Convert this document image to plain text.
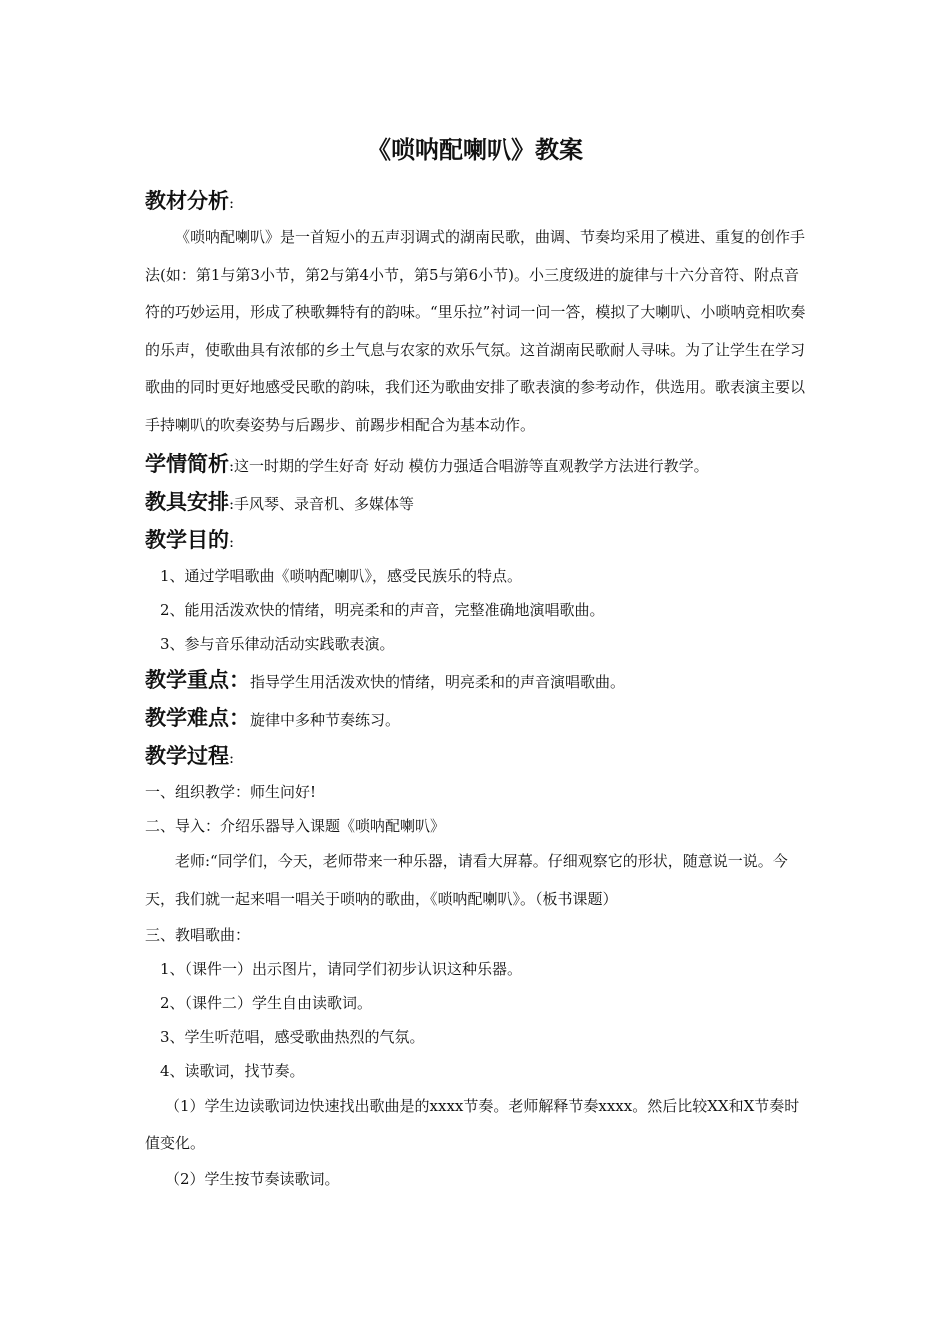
《唢呐配喇叭》教案
教材分析:
《唢呐配喇叭》是一首短小的五声羽调式的湖南民歌，曲调、节奏均采用了模进、重复的创作手法(如：第1与第3小节，第2与第4小节，第5与第6小节)。小三度级进的旋律与十六分音符、附点音符的巧妙运用，形成了秧歌舞特有的韵味。“里乐拉”衬词一问一答，模拟了大喇叭、小唢呐竞相吹奏的乐声，使歌曲具有浓郁的乡土气息与农家的欢乐气氛。这首湖南民歌耐人寻味。为了让学生在学习歌曲的同时更好地感受民歌的韵味，我们还为歌曲安排了歌表演的参考动作，供选用。歌表演主要以手持喇叭的吹奏姿势与后踢步、前踢步相配合为基本动作。
学情简析:这一时期的学生好奇 好动 模仿力强适合唱游等直观教学方法进行教学。
教具安排:手风琴、录音机、多媒体等
教学目的:
1、通过学唱歌曲《唢呐配喇叭》，感受民族乐的特点。
2、能用活泼欢快的情绪，明亮柔和的声音，完整准确地演唱歌曲。
3、参与音乐律动活动实践歌表演。
教学重点：指导学生用活泼欢快的情绪，明亮柔和的声音演唱歌曲。
教学难点：旋律中多种节奏练习。
教学过程:
一、组织教学：师生问好!
二、导入：介绍乐器导入课题《唢呐配喇叭》
老师:“同学们，今天，老师带来一种乐器，请看大屏幕。仔细观察它的形状，随意说一说。今天，我们就一起来唱一唱关于唢呐的歌曲，《唢呐配喇叭》。（板书课题）
三、教唱歌曲：
1、（课件一）出示图片，请同学们初步认识这种乐器。
2、（课件二）学生自由读歌词。
3、学生听范唱，感受歌曲热烈的气氛。
4、读歌词，找节奏。
（1）学生边读歌词边快速找出歌曲是的xxxx节奏。老师解释节奏xxxx。然后比较XX和X节奏时值变化。
（2）学生按节奏读歌词。
